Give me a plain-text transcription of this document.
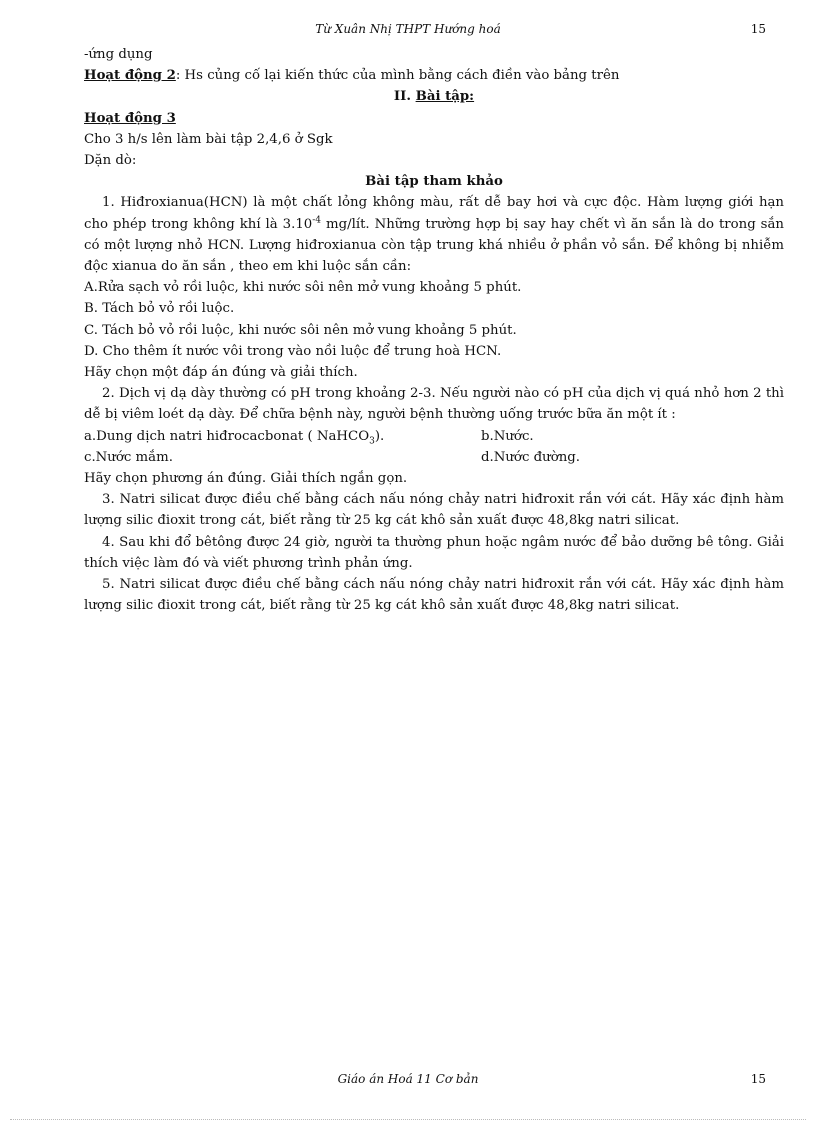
Từ Xuân Nhị THPT Hướng hoá	15

-ứng dụng

Hoạt động 2: Hs củng cố lại kiến thức của mình bằng cách điền vào bảng trên

II. Bài tập:

Hoạt động 3

Cho 3 h/s lên làm bài tập 2,4,6 ở Sgk

Dặn dò:

Bài tập tham khảo

1. Hiđroxianua(HCN) là một chất lỏng không màu, rất dễ bay hơi và cực độc. Hàm lượng giới hạn cho phép trong không khí là $3.10^{-4}$ mg/lít. Những trường hợp bị say hay chết vì ăn sắn là do trong sắn có một lượng nhỏ HCN. Lượng hiđroxianua còn tập trung khá nhiều ở phần vỏ sắn. Để không bị nhiễm độc xianua do ăn sắn , theo em khi luộc sắn cần:

A.Rửa sạch vỏ rồi luộc, khi nước sôi nên mở vung khoảng 5 phút.

B. Tách bỏ vỏ rồi luộc.

C. Tách bỏ vỏ rồi luộc, khi nước sôi nên mở vung khoảng 5 phút.

D. Cho thêm ít nước vôi trong vào nồi luộc để trung hoà HCN.

Hãy chọn một đáp án đúng và giải thích.

2. Dịch vị dạ dày thường có pH trong khoảng 2-3. Nếu người nào có pH của dịch vị quá nhỏ hơn 2 thì dễ bị viêm loét dạ dày. Để chữa bệnh này, người bệnh thường uống trước bữa ăn một ít :

a.Dung dịch natri hiđrocacbonat ( NaHCO$_3$).	b.Nước.
c.Nước mắm.	d.Nước đường.

Hãy chọn phương án đúng. Giải thích ngắn gọn.

3. Natri silicat được điều chế bằng cách nấu nóng chảy natri hiđroxit rắn với cát. Hãy xác định hàm lượng silic đioxit trong cát, biết rằng từ 25 kg cát khô sản xuất được 48,8kg natri silicat.

4. Sau khi đổ bêtông được 24 giờ, người ta thường phun hoặc ngâm nước để bảo dưỡng bê tông. Giải thích việc làm đó và viết phương trình phản ứng.

5. Natri silicat được điều chế bằng cách nấu nóng chảy natri hiđroxit rắn với cát. Hãy xác định hàm lượng silic đioxit trong cát, biết rằng từ 25 kg cát khô sản xuất được 48,8kg natri silicat.

Giáo án Hoá 11 Cơ bản	15
